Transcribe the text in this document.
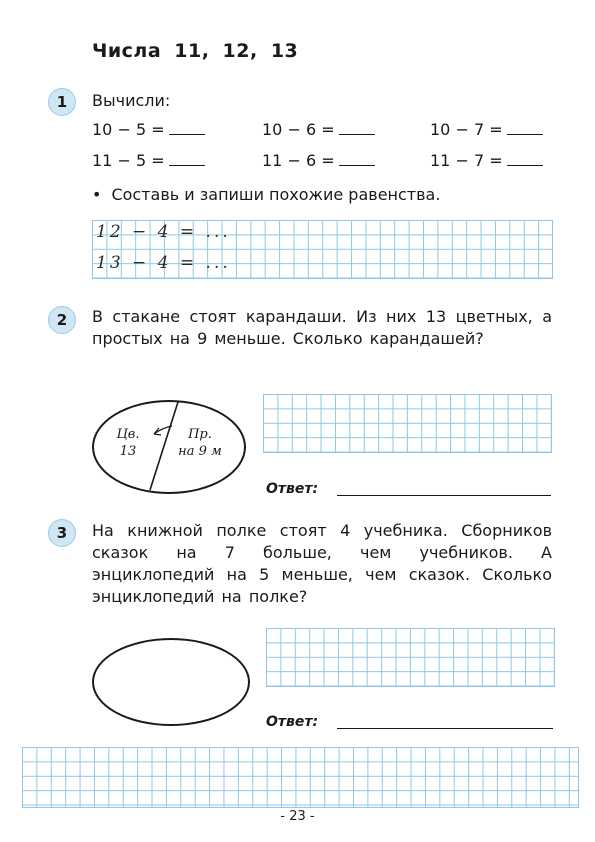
Числа 11, 12, 13
1	Вычисли:
10 − 5 =	10 − 6 =	10 − 7 =
11 − 5 =	11 − 6 =	11 − 7 =
• Составь и запиши похожие равенства.
12 − 4 = ...
13 − 4 = ...
2	В стакане стоят карандаши. Из них 13 цветных, а простых на 9 меньше. Сколько карандашей?
Цв.
13
Пр.
на 9 м
Ответ:
3	На книжной полке стоят 4 учебника. Сборников сказок на 7 больше, чем учебников. А энциклопедий на 5 меньше, чем сказок. Сколько энциклопедий на полке?
Ответ:
- 23 -
